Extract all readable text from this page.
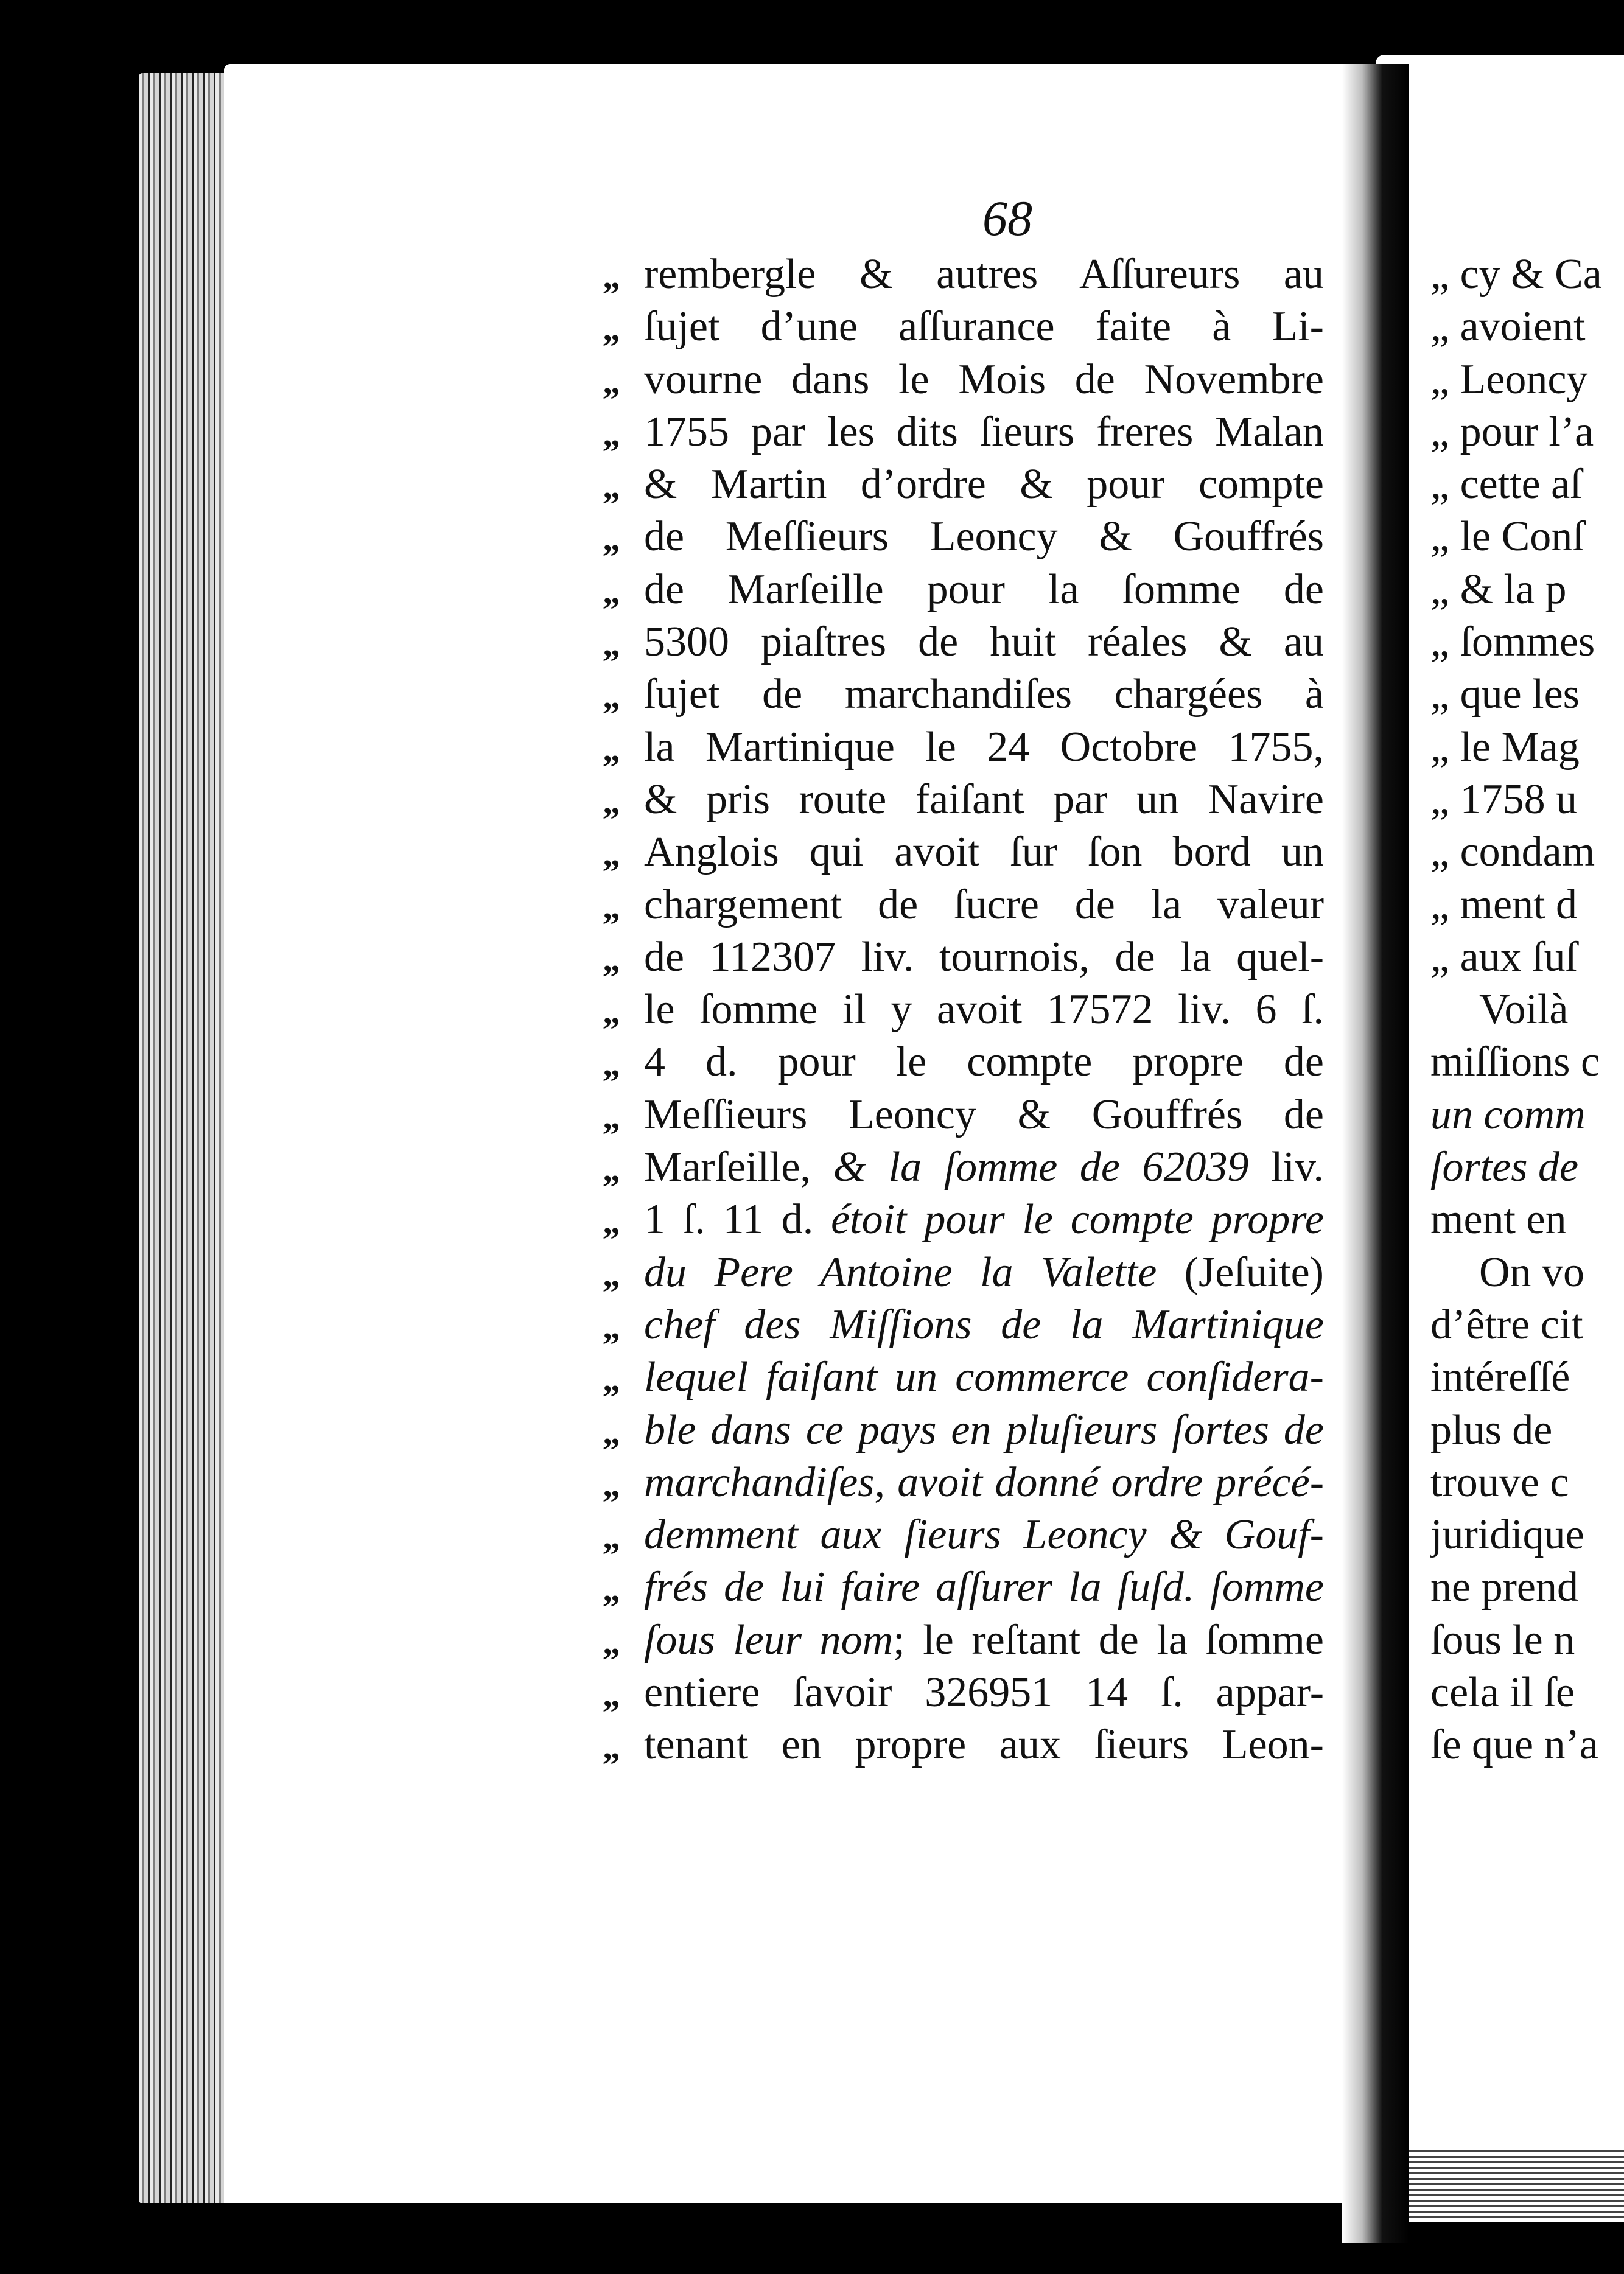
68
„ rembergle & autres Aſſureurs au
„ ſujet d’une aſſurance faite à Li-
„ vourne dans le Mois de Novembre
„ 1755 par les dits ſieurs freres Malan
„ & Martin d’ordre & pour compte
„ de Meſſieurs Leoncy & Gouffrés
„ de Marſeille pour la ſomme de
„ 5300 piaſtres de huit réales & au
„ ſujet de marchandiſes chargées à
„ la Martinique le 24 Octobre 1755,
„ & pris route faiſant par un Navire
„ Anglois qui avoit ſur ſon bord un
„ chargement de ſucre de la valeur
„ de 112307 liv. tournois, de la quel-
„ le ſomme il y avoit 17572 liv. 6 ſ.
„ 4 d. pour le compte propre de
„ Meſſieurs Leoncy & Gouffrés de
„ Marſeille, & la ſomme de 62039 liv.
„ 1 ſ. 11 d. étoit pour le compte propre
„ du Pere Antoine la Valette (Jeſuite)
„ chef des Miſſions de la Martinique
„ lequel faiſant un commerce conſidera-
„ ble dans ce pays en pluſieurs ſortes de
„ marchandiſes, avoit donné ordre précé-
„ demment aux ſieurs Leoncy & Gouf-
„ frés de lui faire aſſurer la ſuſd. ſomme
„ ſous leur nom; le reſtant de la ſomme
„ entiere ſavoir 326951 14 ſ. appar-
„ tenant en propre aux ſieurs Leon-
„ cy & Ca
„ avoient
„ Leoncy
„ pour l’a
„ cette aſ
„ le Conſ
„ & la p
„ ſommes
„ que les
„ le Mag
„ 1758 u
„ condam
„ ment d
„ aux ſuſ
Voilà
miſſions c
un comm
ſortes de
ment en
On vo
d’être cit
intéreſſé
plus de
trouve c
juridique
ne prend
ſous le n
cela il ſe
ſe que n’a
